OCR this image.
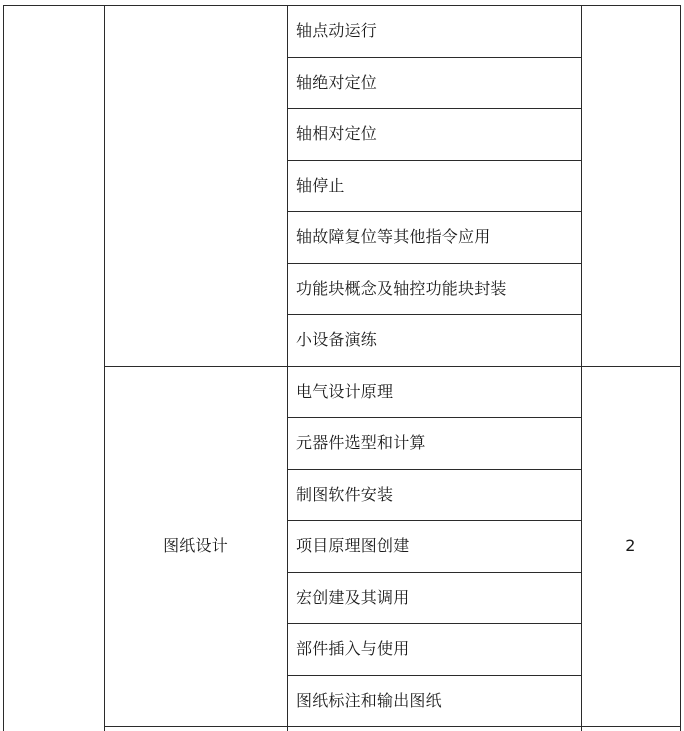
轴点动运行
轴绝对定位
轴相对定位
轴停止
轴故障复位等其他指令应用
功能块概念及轴控功能块封装
小设备演练
电气设计原理
元器件选型和计算
制图软件安装
项目原理图创建
宏创建及其调用
部件插入与使用
图纸标注和输出图纸
图纸设计	2
